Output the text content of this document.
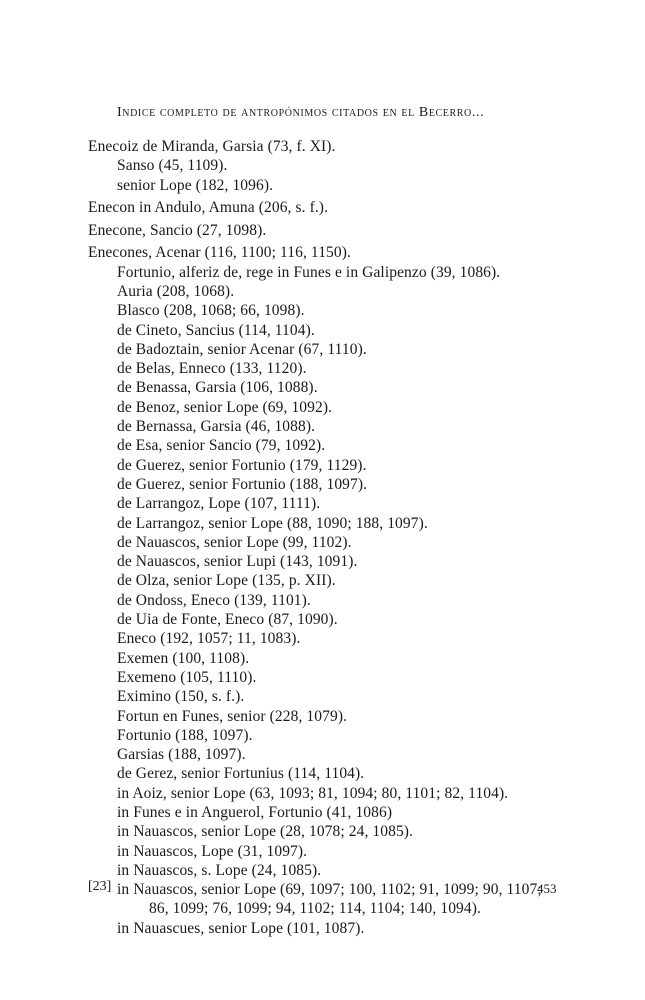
Indice completo de antropónimos citados en el Becerro...
Enecoiz de Miranda, Garsia (73, f. XI).
Sanso (45, 1109).
senior Lope (182, 1096).
Enecon in Andulo, Amuna (206, s. f.).
Enecone, Sancio (27, 1098).
Enecones, Acenar (116, 1100; 116, 1150).
Fortunio, alferiz de, rege in Funes e in Galipenzo (39, 1086).
Auria (208, 1068).
Blasco (208, 1068; 66, 1098).
de Cineto, Sancius (114, 1104).
de Badoztain, senior Acenar (67, 1110).
de Belas, Enneco (133, 1120).
de Benassa, Garsia (106, 1088).
de Benoz, senior Lope (69, 1092).
de Bernassa, Garsia (46, 1088).
de Esa, senior Sancio (79, 1092).
de Guerez, senior Fortunio (179, 1129).
de Guerez, senior Fortunio (188, 1097).
de Larrangoz, Lope (107, 1111).
de Larrangoz, senior Lope (88, 1090; 188, 1097).
de Nauascos, senior Lope (99, 1102).
de Nauascos, senior Lupi (143, 1091).
de Olza, senior Lope (135, p. XII).
de Ondoss, Eneco (139, 1101).
de Uia de Fonte, Eneco (87, 1090).
Eneco (192, 1057; 11, 1083).
Exemen (100, 1108).
Exemeno (105, 1110).
Eximino (150, s. f.).
Fortun en Funes, senior (228, 1079).
Fortunio (188, 1097).
Garsias (188, 1097).
de Gerez, senior Fortunius (114, 1104).
in Aoiz, senior Lope (63, 1093; 81, 1094; 80, 1101; 82, 1104).
in Funes e in Anguerol, Fortunio (41, 1086)
in Nauascos, senior Lope (28, 1078; 24, 1085).
in Nauascos, Lope (31, 1097).
in Nauascos, s. Lope (24, 1085).
in Nauascos, senior Lope (69, 1097; 100, 1102; 91, 1099; 90, 1107;
86, 1099; 76, 1099; 94, 1102; 114, 1104; 140, 1094).
in Nauascues, senior Lope (101, 1087).
[23]	453
